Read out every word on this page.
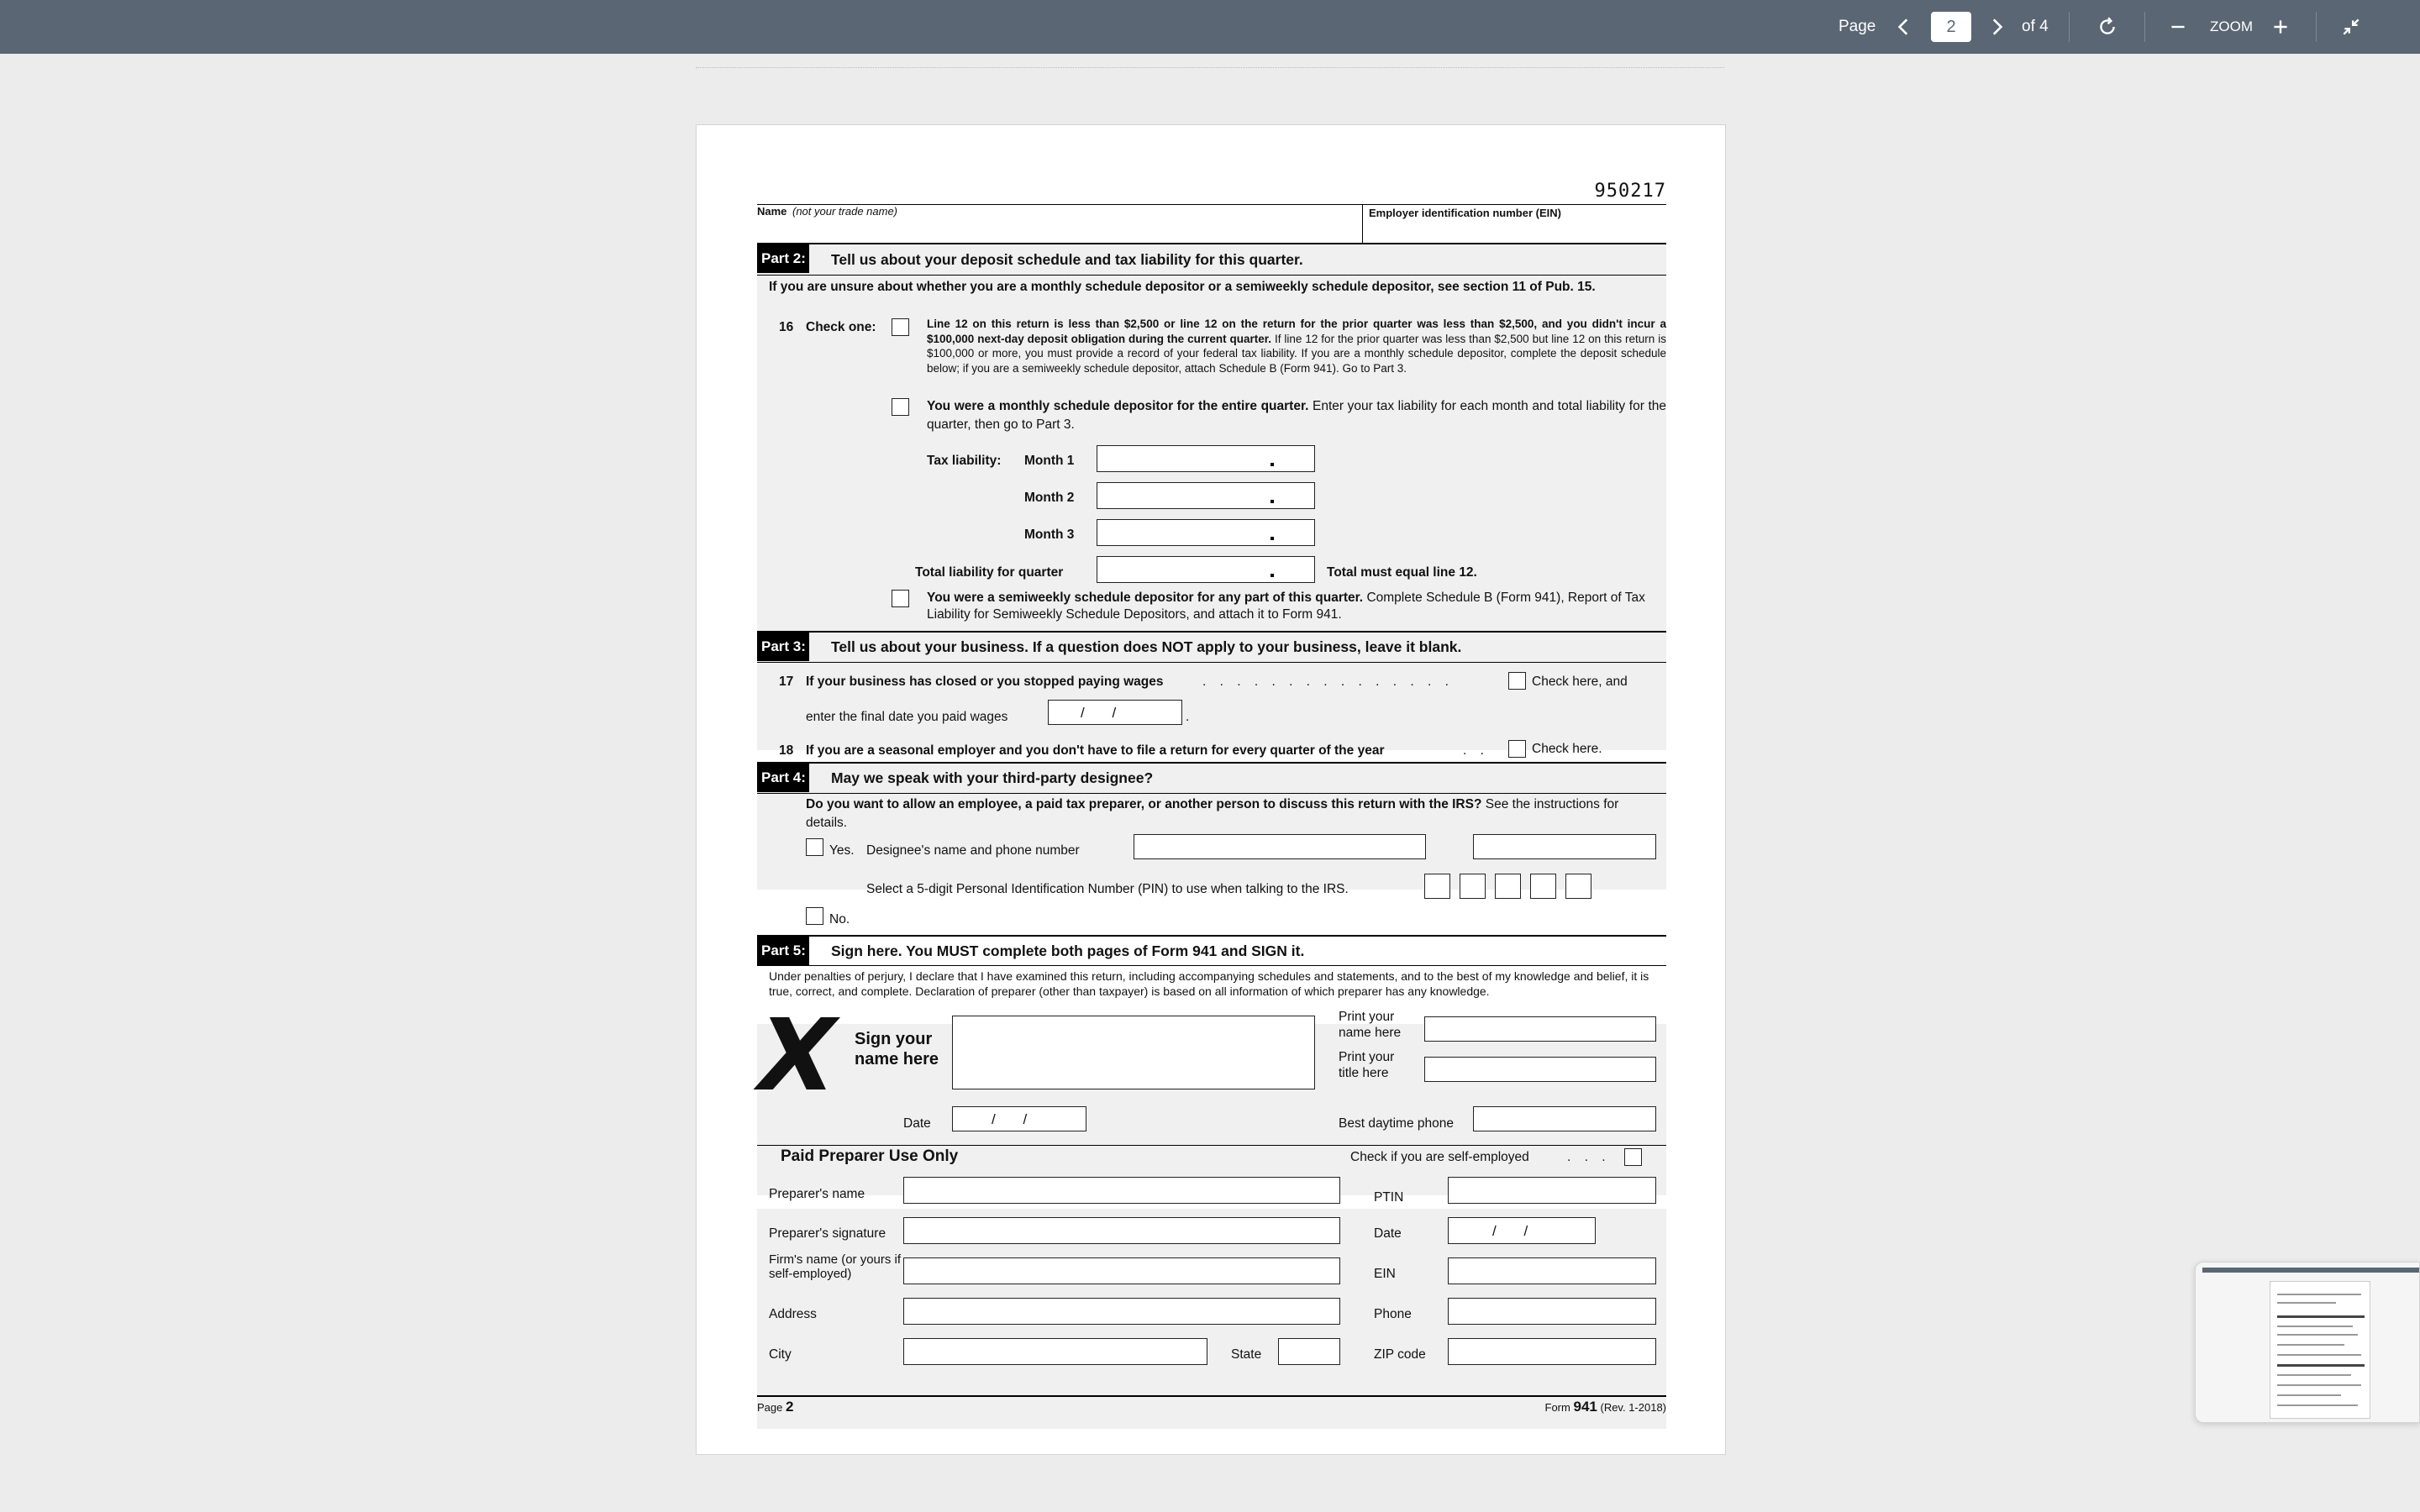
Page	2	of 4	ZOOM
950217
Name (not your trade name)	Employer identification number (EIN)
Part 2: Tell us about your deposit schedule and tax liability for this quarter.
If you are unsure about whether you are a monthly schedule depositor or a semiweekly schedule depositor, see section 11 of Pub. 15.
16 Check one:	Line 12 on this return is less than $2,500 or line 12 on the return for the prior quarter was less than $2,500, and you didn't incur a $100,000 next-day deposit obligation during the current quarter. If line 12 for the prior quarter was less than $2,500 but line 12 on this return is $100,000 or more, you must provide a record of your federal tax liability. If you are a monthly schedule depositor, complete the deposit schedule below; if you are a semiweekly schedule depositor, attach Schedule B (Form 941). Go to Part 3.
You were a monthly schedule depositor for the entire quarter. Enter your tax liability for each month and total liability for the quarter, then go to Part 3.
Tax liability: Month 1
Month 2
Month 3
Total liability for quarter	Total must equal line 12.
You were a semiweekly schedule depositor for any part of this quarter. Complete Schedule B (Form 941), Report of Tax Liability for Semiweekly Schedule Depositors, and attach it to Form 941.
Part 3: Tell us about your business. If a question does NOT apply to your business, leave it blank.
17 If your business has closed or you stopped paying wages	. . . . . . . . . . . . . . .	Check here, and
enter the final date you paid wages	/ /	.
18 If you are a seasonal employer and you don't have to file a return for every quarter of the year	. .	Check here.
Part 4: May we speak with your third-party designee?
Do you want to allow an employee, a paid tax preparer, or another person to discuss this return with the IRS? See the instructions for details.
Yes. Designee's name and phone number
Select a 5-digit Personal Identification Number (PIN) to use when talking to the IRS.
No.
Part 5: Sign here. You MUST complete both pages of Form 941 and SIGN it.
Under penalties of perjury, I declare that I have examined this return, including accompanying schedules and statements, and to the best of my knowledge and belief, it is true, correct, and complete. Declaration of preparer (other than taxpayer) is based on all information of which preparer has any knowledge.
X Sign your name here
Print your name here
Print your title here
Date	/ /	Best daytime phone
Paid Preparer Use Only	Check if you are self-employed	. . .
Preparer's name	PTIN
Preparer's signature	Date	/ /
Firm's name (or yours if self-employed)	EIN
Address	Phone
City	State	ZIP code
Page 2	Form 941 (Rev. 1-2018)
